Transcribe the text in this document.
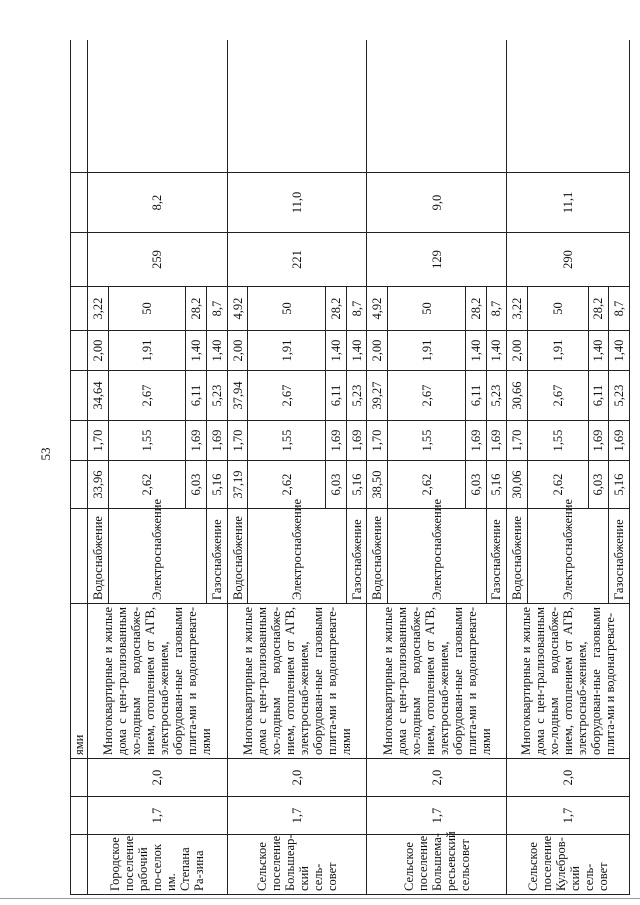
53
			ями									
Городское поселение рабочий по-селок им. Степана Ра-зина	1,7	2,0	Многоквартирные и жилые дома с цен-трализованным хо-лодным водоснабже-нием, отоплением от АГВ, электроснаб-жением, оборудован-ные газовыми плита-ми и водонагревате-лями	Водоснабжение	33,96	1,70	34,64	2,00	3,22	259	8,2	
				Электроснабжение	2,62	1,55	2,67	1,91	50			
					6,03	1,69	6,11	1,40	28,2			
				Газоснабжение	5,16	1,69	5,23	1,40	8,7			
Сельское поселение Большеар-ский сель-совет	1,7	2,0	Многоквартирные и жилые дома с цен-трализованным хо-лодным водоснабже-нием, отоплением от АГВ, электроснаб-жением, оборудован-ные газовыми плита-ми и водонагревате-лями	Водоснабжение	37,19	1,70	37,94	2,00	4,92	221	11,0	
				Электроснабжение	2,62	1,55	2,67	1,91	50			
					6,03	1,69	6,11	1,40	28,2			
				Газоснабжение	5,16	1,69	5,23	1,40	8,7			
Сельское поселение Большема-ресьевский сельсовет	1,7	2,0	Многоквартирные и жилые дома с цен-трализованным хо-лодным водоснабже-нием, отоплением от АГВ, электроснаб-жением, оборудован-ные газовыми плита-ми и водонагревате-лями	Водоснабжение	38,50	1,70	39,27	2,00	4,92	129	9,0	
				Электроснабжение	2,62	1,55	2,67	1,91	50			
					6,03	1,69	6,11	1,40	28,2			
				Газоснабжение	5,16	1,69	5,23	1,40	8,7			
Сельское поселение Кулебров-ский сель-совет	1,7	2,0	Многоквартирные и жилые дома с цен-трализованным хо-лодным водоснабже-нием, отоплением от АГВ, электроснаб-жением, оборудован-ные газовыми плита-ми и водонагревате-	Водоснабжение	30,06	1,70	30,66	2,00	3,22	290	11,1	
				Электроснабжение	2,62	1,55	2,67	1,91	50			
					6,03	1,69	6,11	1,40	28,2			
				Газоснабжение	5,16	1,69	5,23	1,40	8,7			
